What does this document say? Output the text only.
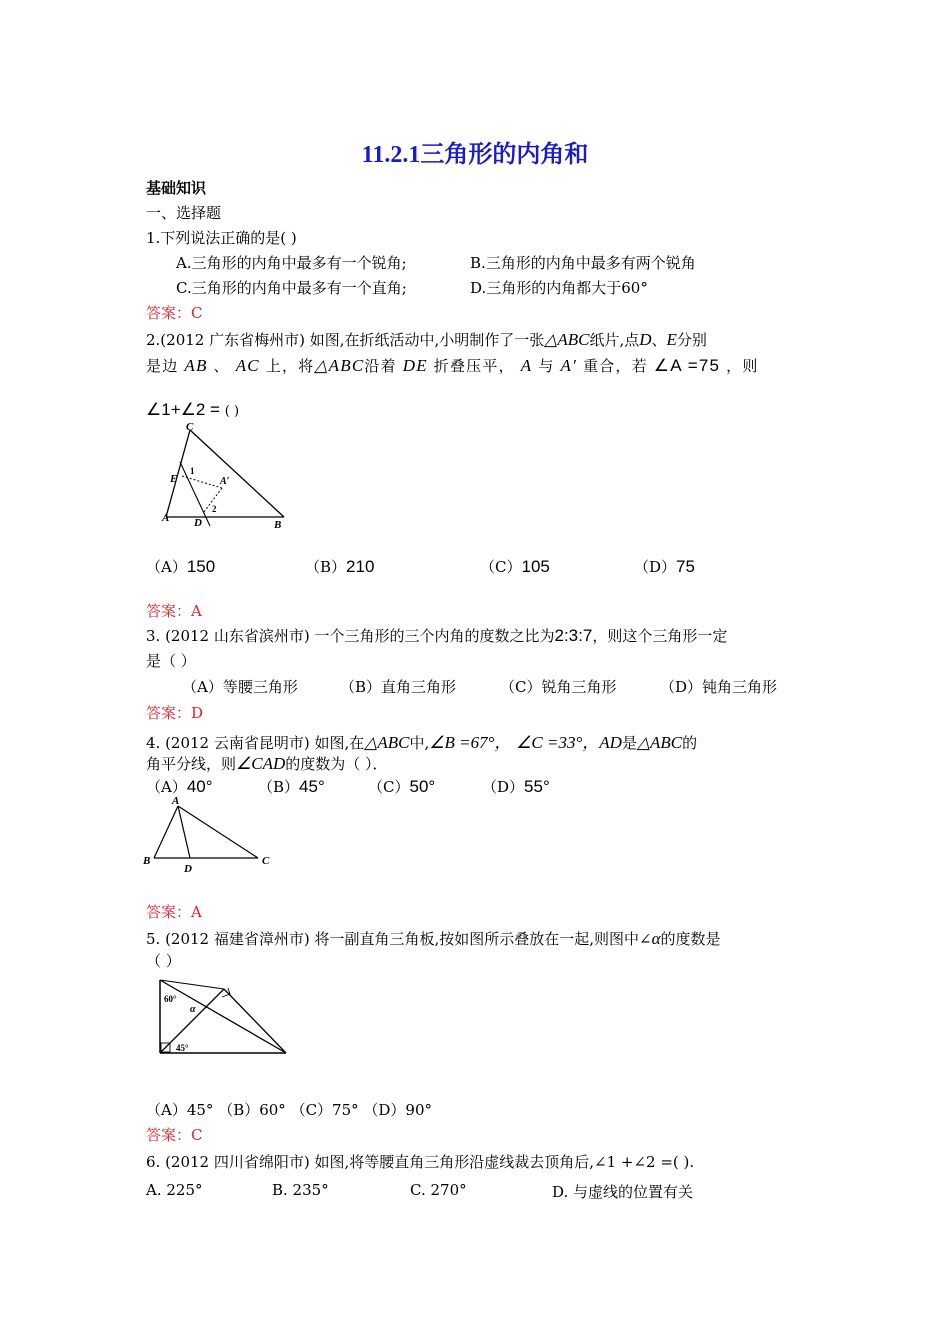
11.2.1三角形的内角和
基础知识
一、选择题
1.下列说法正确的是( )
A.三角形的内角中最多有一个锐角;	B.三角形的内角中最多有两个锐角
C.三角形的内角中最多有一个直角;	D.三角形的内角都大于60°
答案：C
2.(2012 广东省梅州市) 如图,在折纸活动中,小明制作了一张△ABC纸片,点D、E分别
是边 AB 、 AC 上，将△ABC沿着 DE 折叠压平， A 与 A′ 重合，若 ∠A =75 ，则
∠1+∠2 = ( )
C
E
1
A′
2
A D	B
（A）150	（B）210	（C）105	（D）75
答案：A
3. (2012 山东省滨州市) 一个三角形的三个内角的度数之比为2:3:7，则这个三角形一定
是（ ）
（A）等腰三角形	（B）直角三角形	（C）锐角三角形	（D）钝角三角形
答案：D
4. (2012 云南省昆明市) 如图,在△ABC中,∠B =67°， ∠C =33°，AD是△ABC的
角平分线，则∠CAD的度数为（ ）．
（A）40°	（B）45°	（C）50°	（D）55°
A
B
D
C
答案：A
5. (2012 福建省漳州市) 将一副直角三角板,按如图所示叠放在一起,则图中∠α的度数是
（ ）
60°
α
45°
（A）45° （B）60° （C）75° （D）90°
答案：C
6. (2012 四川省绵阳市) 如图,将等腰直角三角形沿虚线裁去顶角后,∠1 +∠2 =( ).
A. 225°	B. 235°	C. 270°	D. 与虚线的位置有关
